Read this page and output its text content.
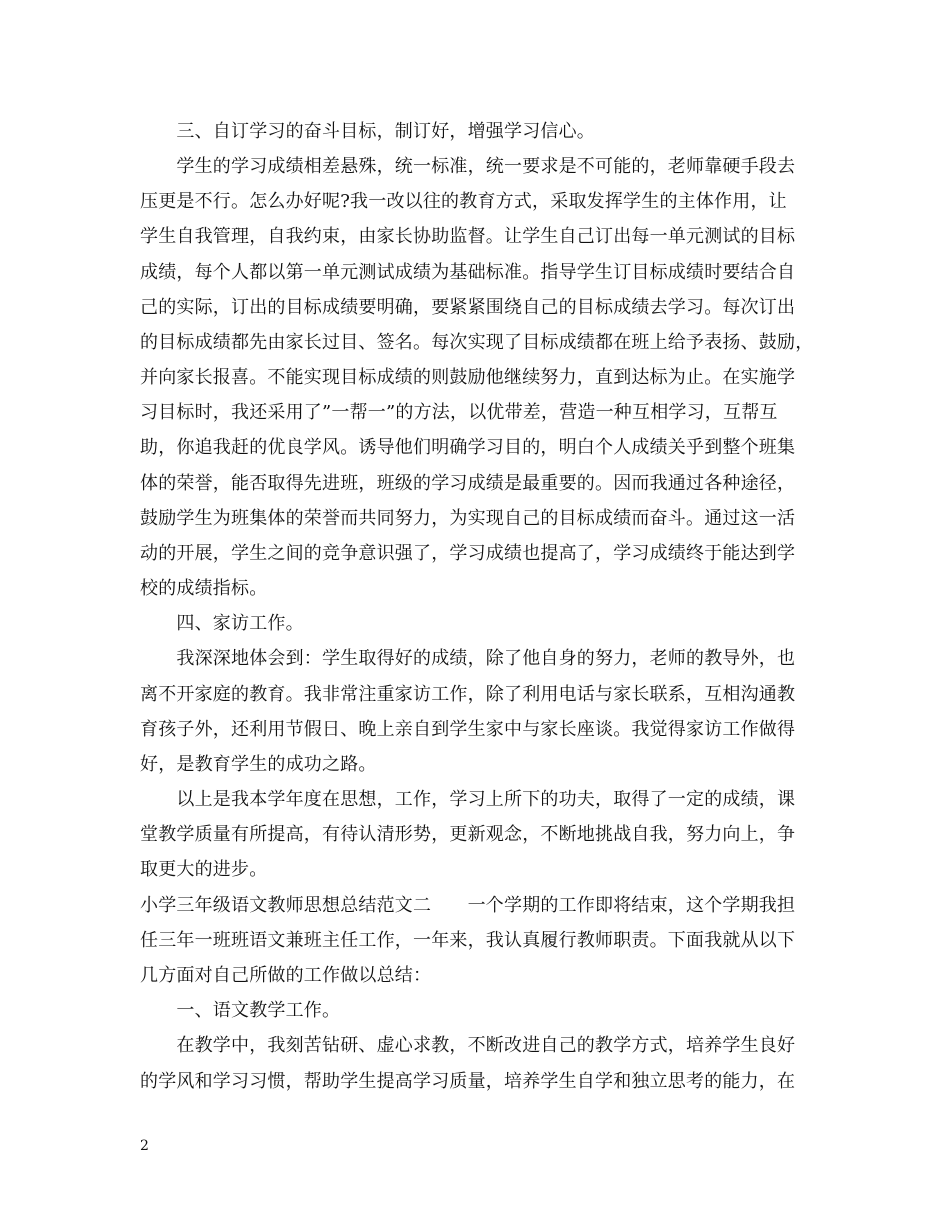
　　三、自订学习的奋斗目标，制订好，增强学习信心。
　　学生的学习成绩相差悬殊，统一标准，统一要求是不可能的，老师靠硬手段去
压更是不行。怎么办好呢?我一改以往的教育方式，采取发挥学生的主体作用，让
学生自我管理，自我约束，由家长协助监督。让学生自己订出每一单元测试的目标
成绩，每个人都以第一单元测试成绩为基础标准。指导学生订目标成绩时要结合自
己的实际，订出的目标成绩要明确，要紧紧围绕自己的目标成绩去学习。每次订出
的目标成绩都先由家长过目、签名。每次实现了目标成绩都在班上给予表扬、鼓励，
并向家长报喜。不能实现目标成绩的则鼓励他继续努力，直到达标为止。在实施学
习目标时，我还采用了”一帮一”的方法，以优带差，营造一种互相学习，互帮互
助，你追我赶的优良学风。诱导他们明确学习目的，明白个人成绩关乎到整个班集
体的荣誉，能否取得先进班，班级的学习成绩是最重要的。因而我通过各种途径，
鼓励学生为班集体的荣誉而共同努力，为实现自己的目标成绩而奋斗。通过这一活
动的开展，学生之间的竞争意识强了，学习成绩也提高了，学习成绩终于能达到学
校的成绩指标。
　　四、家访工作。
　　我深深地体会到：学生取得好的成绩，除了他自身的努力，老师的教导外，也
离不开家庭的教育。我非常注重家访工作，除了利用电话与家长联系，互相沟通教
育孩子外，还利用节假日、晚上亲自到学生家中与家长座谈。我觉得家访工作做得
好，是教育学生的成功之路。
　　以上是我本学年度在思想，工作，学习上所下的功夫，取得了一定的成绩，课
堂教学质量有所提高，有待认清形势，更新观念，不断地挑战自我，努力向上，争
取更大的进步。
小学三年级语文教师思想总结范文二　　一个学期的工作即将结束，这个学期我担
任三年一班班语文兼班主任工作，一年来，我认真履行教师职责。下面我就从以下
几方面对自己所做的工作做以总结：
　　一、语文教学工作。
　　在教学中，我刻苦钻研、虚心求教，不断改进自己的教学方式，培养学生良好
的学风和学习习惯，帮助学生提高学习质量，培养学生自学和独立思考的能力，在
2
